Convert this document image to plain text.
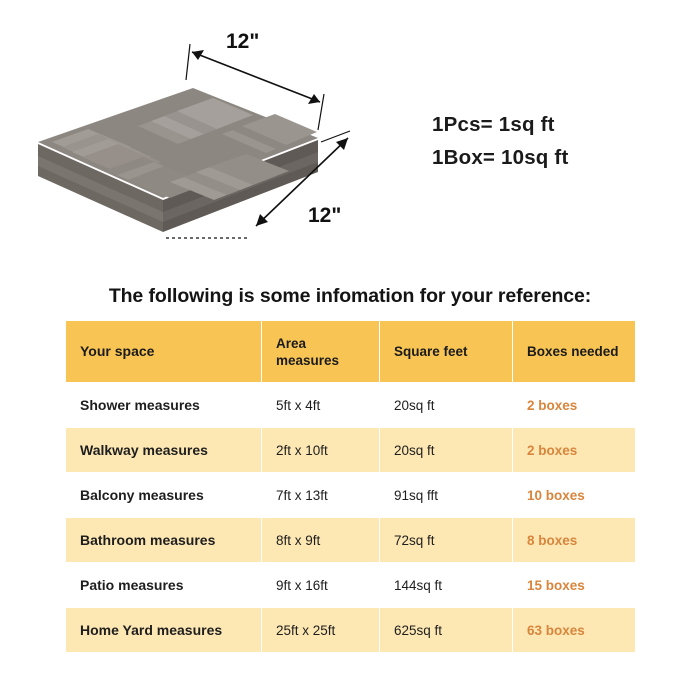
12"
12"
1Pcs= 1sq ft
1Box= 10sq ft
The following is some infomation for your reference:
Your space	Area
measures	Square feet	Boxes needed
Shower measures	5ft x 4ft	20sq ft	2 boxes
Walkway measures	2ft x 10ft	20sq ft	2 boxes
Balcony measures	7ft x 13ft	91sq fft	10 boxes
Bathroom measures	8ft x 9ft	72sq ft	8 boxes
Patio measures	9ft x 16ft	144sq ft	15 boxes
Home Yard measures	25ft x 25ft	625sq ft	63 boxes
